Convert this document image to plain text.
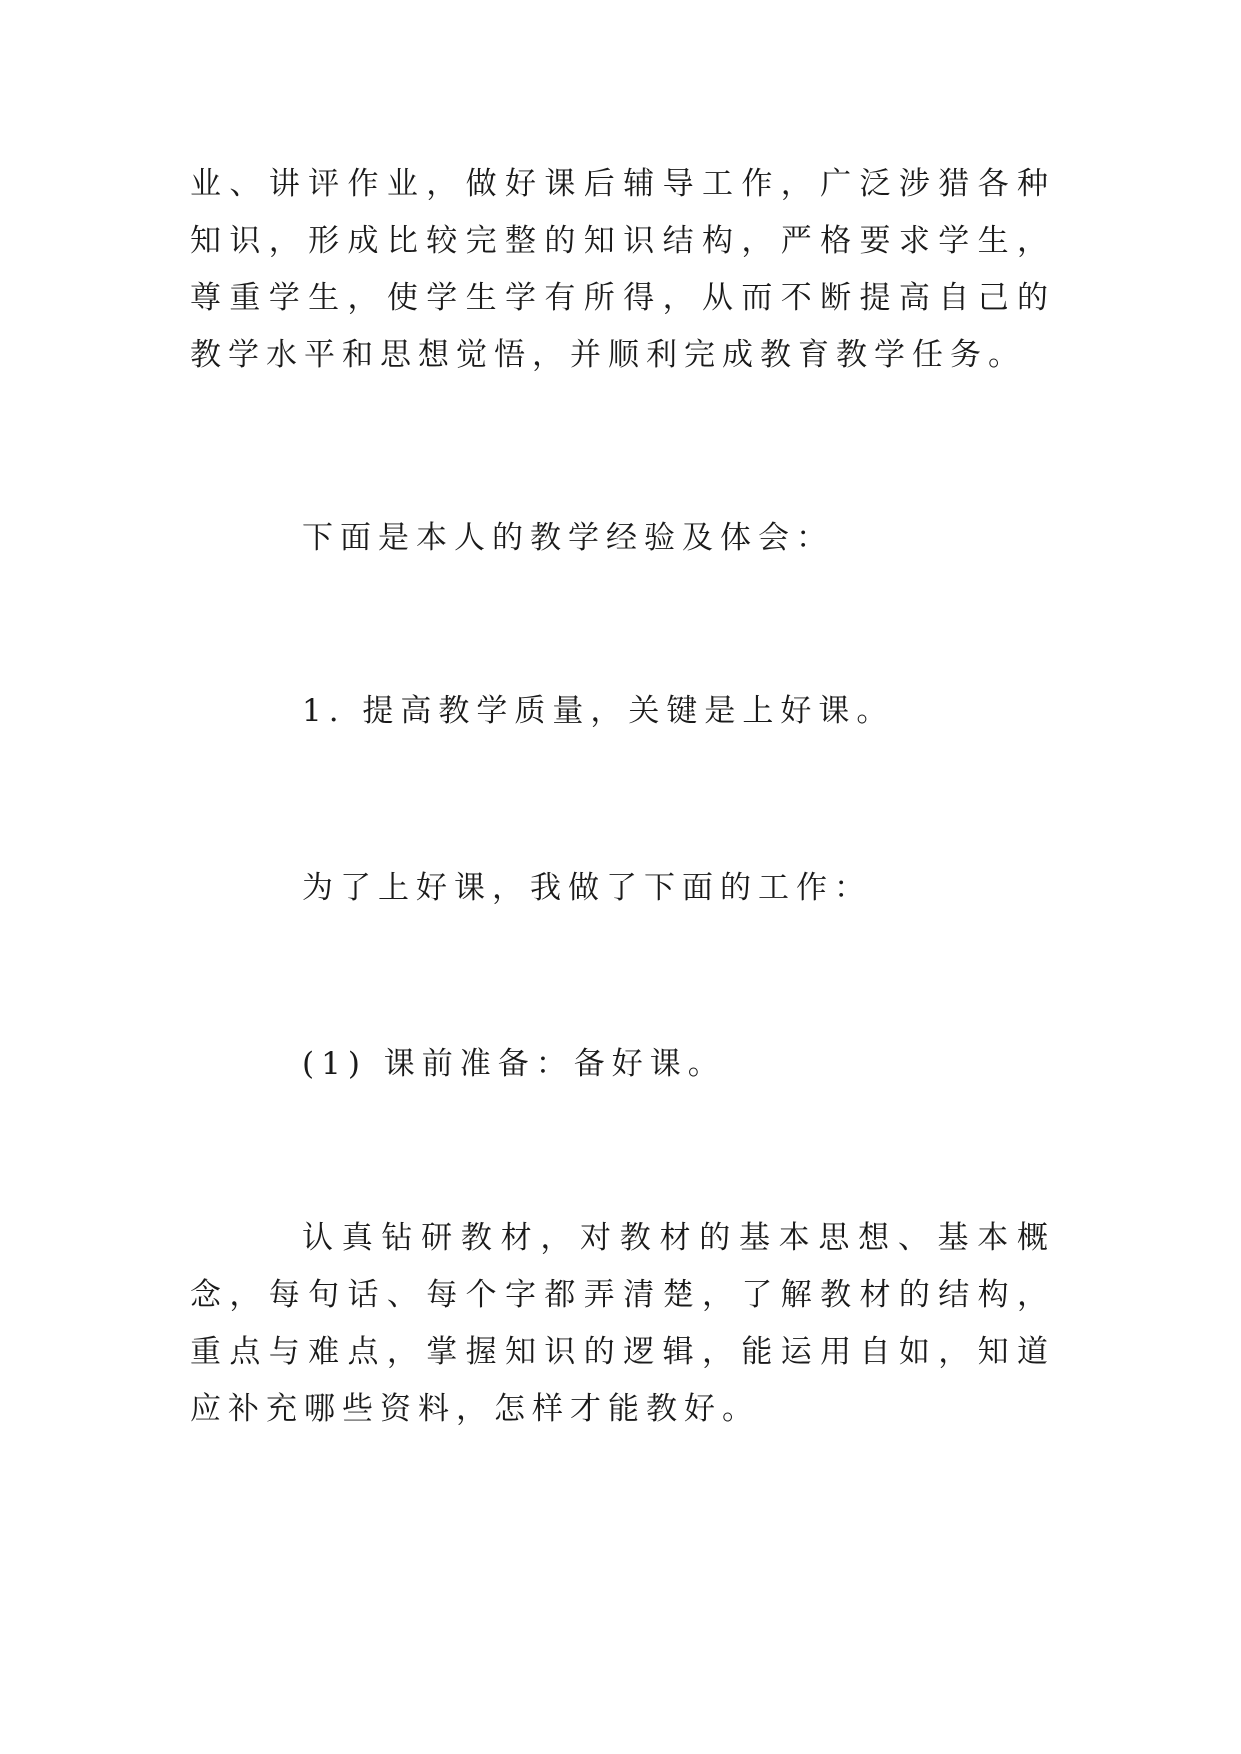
业、讲评作业，做好课后辅导工作，广泛涉猎各种知识，形成比较完整的知识结构，严格要求学生，尊重学生，使学生学有所得，从而不断提高自己的教学水平和思想觉悟，并顺利完成教育教学任务。

下面是本人的教学经验及体会：

1. 提高教学质量，关键是上好课。

为了上好课，我做了下面的工作：

(1) 课前准备：备好课。

认真钻研教材，对教材的基本思想、基本概念，每句话、每个字都弄清楚，了解教材的结构，重点与难点，掌握知识的逻辑，能运用自如，知道应补充哪些资料，怎样才能教好。
